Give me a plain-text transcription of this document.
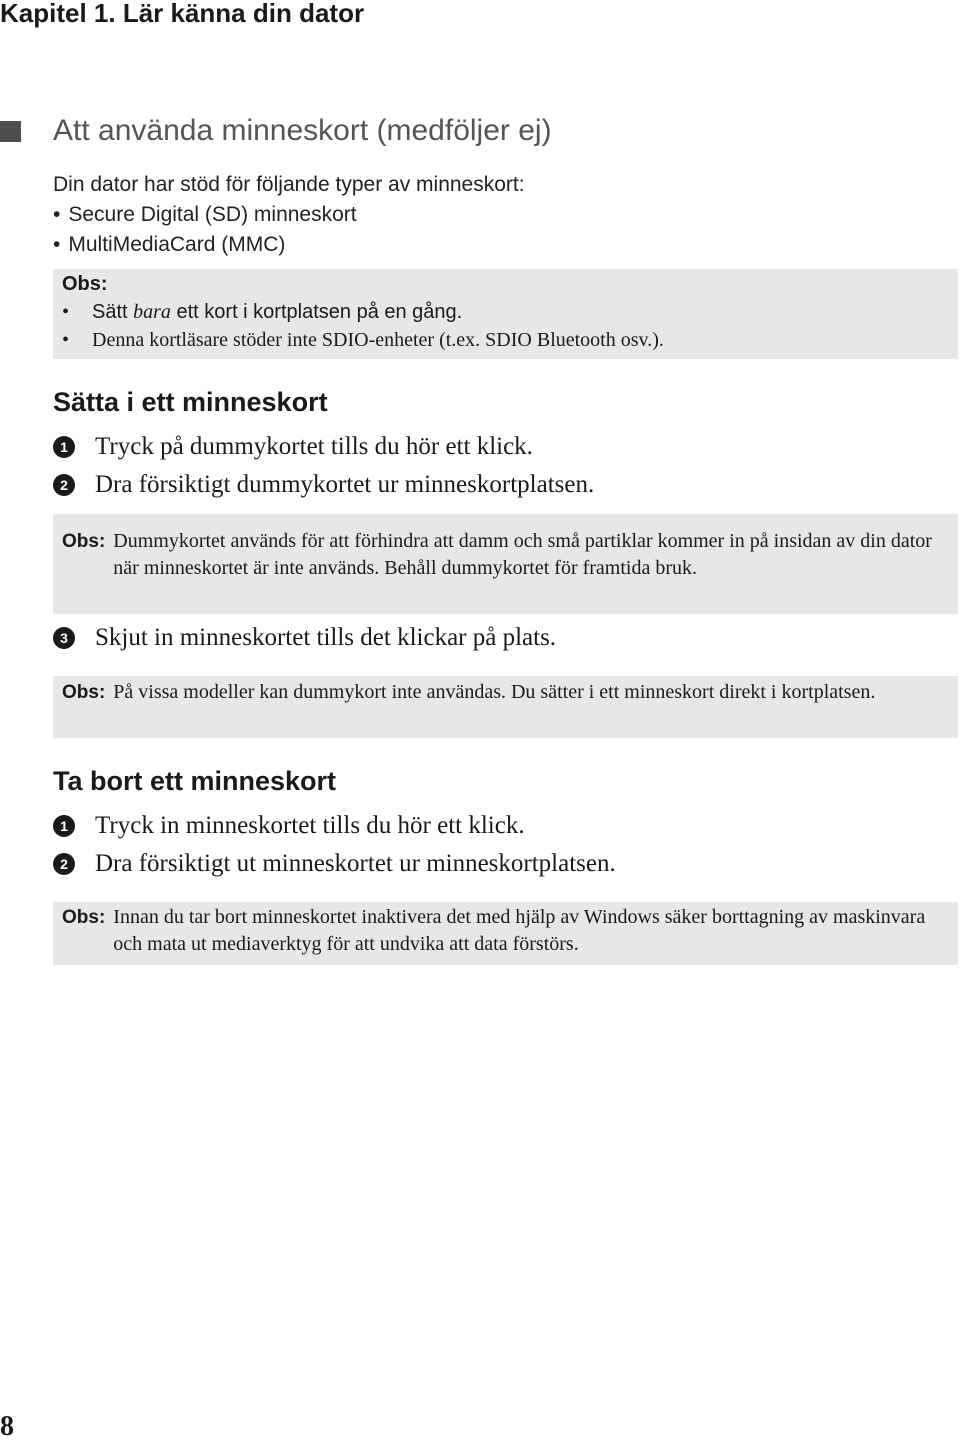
Kapitel 1. Lär känna din dator
Att använda minneskort (medföljer ej)
Din dator har stöd för följande typer av minneskort:
• Secure Digital (SD) minneskort
• MultiMediaCard (MMC)
Obs:
•	Sätt bara ett kort i kortplatsen på en gång.
•	Denna kortläsare stöder inte SDIO-enheter (t.ex. SDIO Bluetooth osv.).
Sätta i ett minneskort
1 Tryck på dummykortet tills du hör ett klick.
2 Dra försiktigt dummykortet ur minneskortplatsen.
Obs: Dummykortet används för att förhindra att damm och små partiklar kommer in på insidan av din dator när minneskortet är inte används. Behåll dummykortet för framtida bruk.
3 Skjut in minneskortet tills det klickar på plats.
Obs: På vissa modeller kan dummykort inte användas. Du sätter i ett minneskort direkt i kortplatsen.
Ta bort ett minneskort
1 Tryck in minneskortet tills du hör ett klick.
2 Dra försiktigt ut minneskortet ur minneskortplatsen.
Obs: Innan du tar bort minneskortet inaktivera det med hjälp av Windows säker borttagning av maskinvara och mata ut mediaverktyg för att undvika att data förstörs.
8
